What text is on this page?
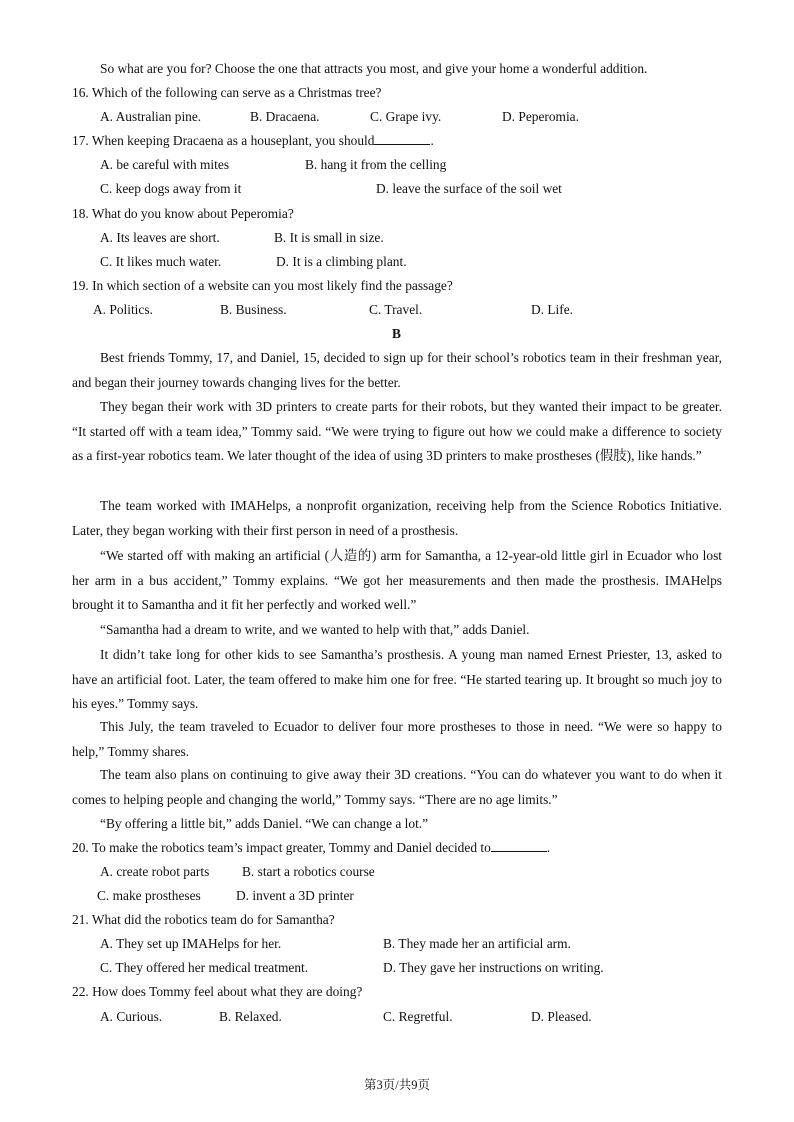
So what are you for? Choose the one that attracts you most, and give your home a wonderful addition.
16. Which of the following can serve as a Christmas tree?
A. Australian pine.	B. Dracaena.	C. Grape ivy.	D. Peperomia.
17. When keeping Dracaena as a houseplant, you should	.
A. be careful with mites	B. hang it from the celling
C. keep dogs away from it	D. leave the surface of the soil wet
18. What do you know about Peperomia?
A. Its leaves are short.	B. It is small in size.
C. It likes much water.	D. It is a climbing plant.
19. In which section of a website can you most likely find the passage?
A. Politics.	B. Business.	C. Travel.	D. Life.
B
Best friends Tommy, 17, and Daniel, 15, decided to sign up for their school’s robotics team in their freshman year, and began their journey towards changing lives for the better.
They began their work with 3D printers to create parts for their robots, but they wanted their impact to be greater. “It started off with a team idea,” Tommy said. “We were trying to figure out how we could make a difference to society as a first-year robotics team. We later thought of the idea of using 3D printers to make prostheses (假肢), like hands.”
The team worked with IMAHelps, a nonprofit organization, receiving help from the Science Robotics Initiative. Later, they began working with their first person in need of a prosthesis.
“We started off with making an artificial (人造的) arm for Samantha, a 12-year-old little girl in Ecuador who lost her arm in a bus accident,” Tommy explains. “We got her measurements and then made the prosthesis. IMAHelps brought it to Samantha and it fit her perfectly and worked well.”
“Samantha had a dream to write, and we wanted to help with that,” adds Daniel.
It didn’t take long for other kids to see Samantha’s prosthesis. A young man named Ernest Priester, 13, asked to have an artificial foot. Later, the team offered to make him one for free. “He started tearing up. It brought so much joy to his eyes.” Tommy says.
This July, the team traveled to Ecuador to deliver four more prostheses to those in need. “We were so happy to help,” Tommy shares.
The team also plans on continuing to give away their 3D creations. “You can do whatever you want to do when it comes to helping people and changing the world,” Tommy says. “There are no age limits.”
“By offering a little bit,” adds Daniel. “We can change a lot.”
20. To make the robotics team’s impact greater, Tommy and Daniel decided to	.
A. create robot parts B. start a robotics course
C. make prostheses	D. invent a 3D printer
21. What did the robotics team do for Samantha?
A. They set up IMAHelps for her.	B. They made her an artificial arm.
C. They offered her medical treatment.	D. They gave her instructions on writing.
22. How does Tommy feel about what they are doing?
A. Curious.	B. Relaxed.	C. Regretful.	D. Pleased.
第3页/共9页
